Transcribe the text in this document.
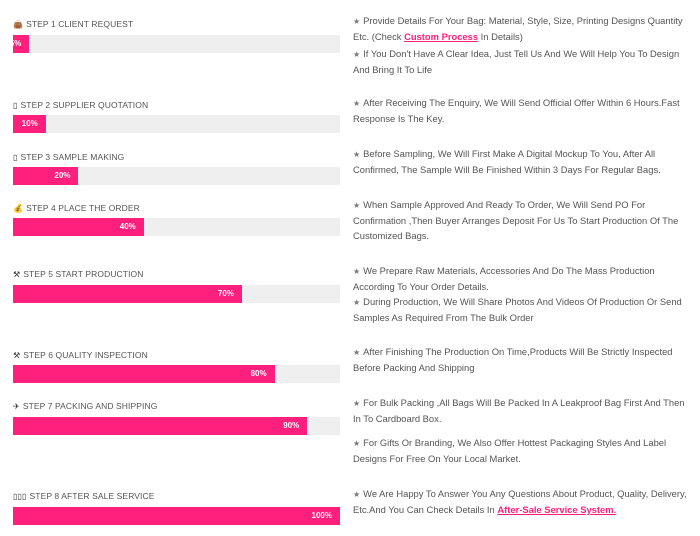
👜 STEP 1 CLIENT REQUEST
5%

★ Provide Details For Your Bag: Material, Style, Size, Printing Designs Quantity Etc. (Check Custom Process In Details)

★ If You Don't Have A Clear Idea, Just Tell Us And We Will Help You To Design And Bring It To Life

▯ STEP 2 SUPPLIER QUOTATION
10%

★ After Receiving The Enquiry, We Will Send Official Offer Within 6 Hours.Fast Response Is The Key.

▯ STEP 3 SAMPLE MAKING
20%

★ Before Sampling, We Will First Make A Digital Mockup To You, After All Confirmed, The Sample Will Be Finished Within 3 Days For Regular Bags.

💰 STEP 4 PLACE THE ORDER
40%

★ When Sample Approved And Ready To Order, We Will Send PO For Confirmation ,Then Buyer Arranges Deposit For Us To Start Production Of The Customized Bags.

⚒ STEP 5 START PRODUCTION
70%

★ We Prepare Raw Materials, Accessories And Do The Mass Production According To Your Order Details.

★ During Production, We Will Share Photos And Videos Of Production Or Send Samples As Required From The Bulk Order

⚒ STEP 6 QUALITY INSPECTION
80%

★ After Finishing The Production On Time,Products Will Be Strictly Inspected Before Packing And Shipping

✈ STEP 7 PACKING AND SHIPPING
90%

★ For Bulk Packing ,All Bags Will Be Packed In A Leakproof Bag First And Then In To Cardboard Box.

★ For Gifts Or Branding, We Also Offer Hottest Packaging Styles And Label Designs For Free On Your Local Market.

▯▯▯ STEP 8 AFTER SALE SERVICE
100%

★ We Are Happy To Answer You Any Questions About Product, Quality, Delivery, Etc.And You Can Check Details In After-Sale Service System.
